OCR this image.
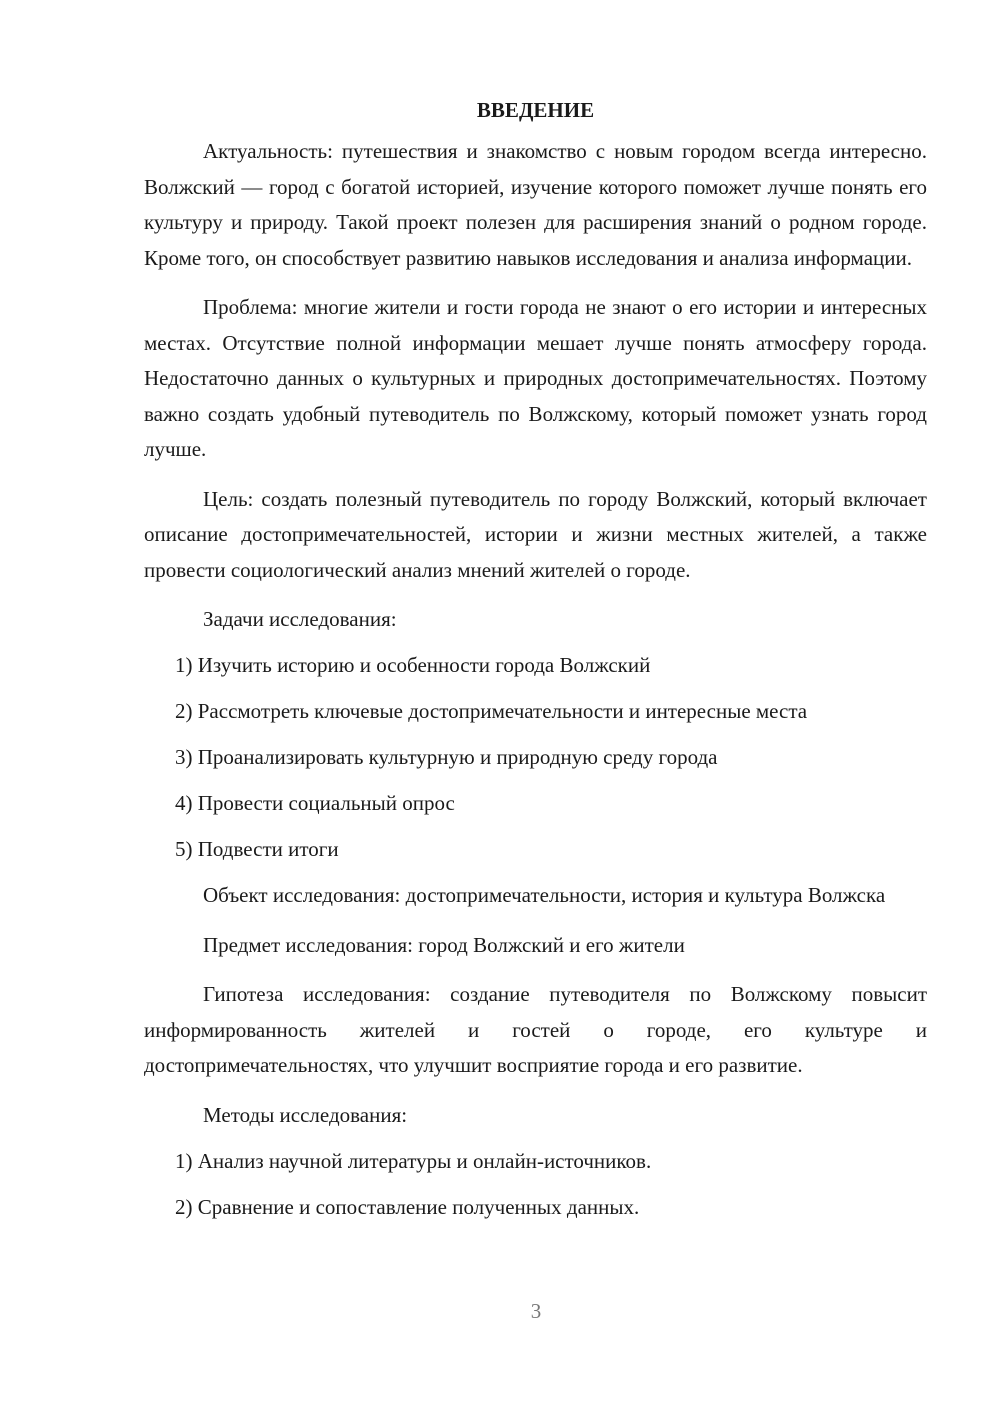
ВВЕДЕНИЕ

Актуальность: путешествия и знакомство с новым городом всегда интересно. Волжский — город с богатой историей, изучение которого поможет лучше понять его культуру и природу. Такой проект полезен для расширения знаний о родном городе. Кроме того, он способствует развитию навыков исследования и анализа информации.

Проблема: многие жители и гости города не знают о его истории и интересных местах. Отсутствие полной информации мешает лучше понять атмосферу города. Недостаточно данных о культурных и природных достопримечательностях. Поэтому важно создать удобный путеводитель по Волжскому, который поможет узнать город лучше.

Цель: создать полезный путеводитель по городу Волжский, который включает описание достопримечательностей, истории и жизни местных жителей, а также провести социологический анализ мнений жителей о городе.

Задачи исследования:
1) Изучить историю и особенности города Волжский
2) Рассмотреть ключевые достопримечательности и интересные места
3) Проанализировать культурную и природную среду города
4) Провести социальный опрос
5) Подвести итоги

Объект исследования: достопримечательности, история и культура Волжска

Предмет исследования: город Волжский и его жители

Гипотеза исследования: создание путеводителя по Волжскому повысит информированность жителей и гостей о городе, его культуре и достопримечательностях, что улучшит восприятие города и его развитие.

Методы исследования:
1) Анализ научной литературы и онлайн-источников.
2) Сравнение и сопоставление полученных данных.
3
